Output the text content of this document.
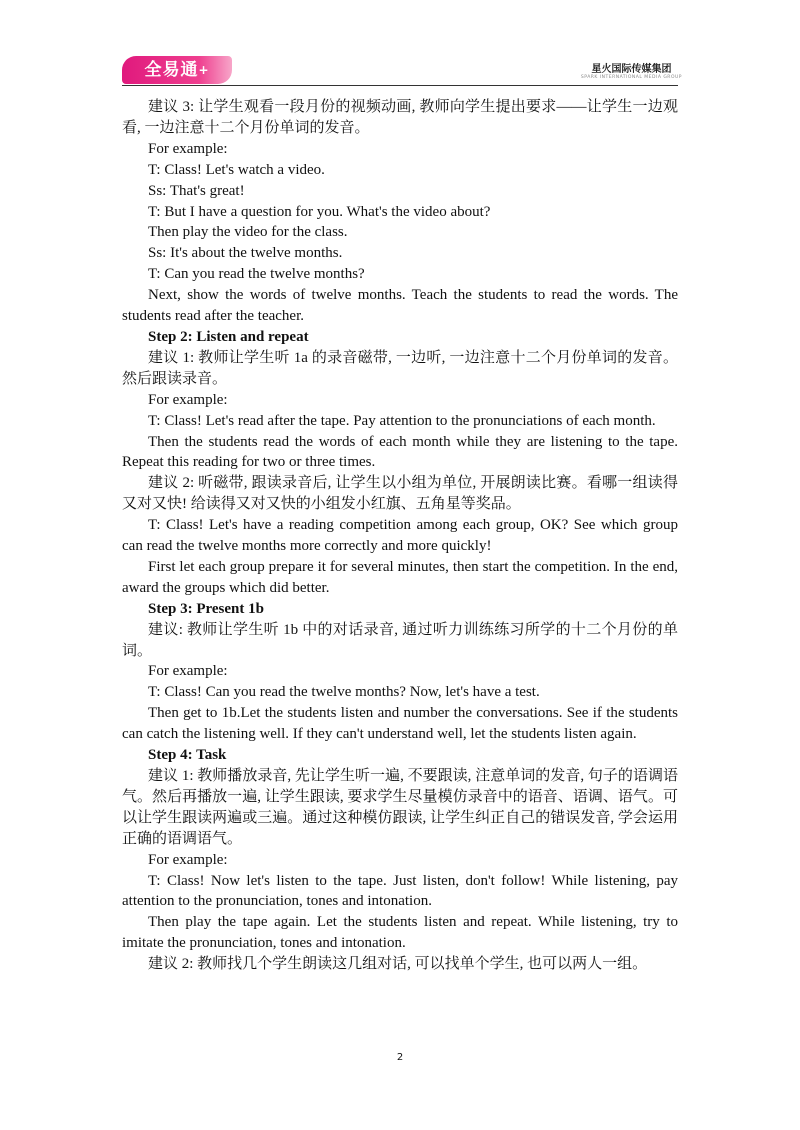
全易通+	星火国际传媒集团
SPARK INTERNATIONAL MEDIA GROUP

建议 3: 让学生观看一段月份的视频动画, 教师向学生提出要求——让学生一边观看, 一边注意十二个月份单词的发音。

For example:

T: Class! Let's watch a video.

Ss: That's great!

T: But I have a question for you. What's the video about?

Then play the video for the class.

Ss: It's about the twelve months.

T: Can you read the twelve months?

Next, show the words of twelve months. Teach the students to read the words. The students read after the teacher.

Step 2: Listen and repeat

建议 1: 教师让学生听 1a 的录音磁带, 一边听, 一边注意十二个月份单词的发音。然后跟读录音。

For example:

T: Class! Let's read after the tape. Pay attention to the pronunciations of each month.

Then the students read the words of each month while they are listening to the tape. Repeat this reading for two or three times.

建议 2: 听磁带, 跟读录音后, 让学生以小组为单位, 开展朗读比赛。看哪一组读得又对又快! 给读得又对又快的小组发小红旗、五角星等奖品。

T: Class! Let's have a reading competition among each group, OK? See which group can read the twelve months more correctly and more quickly!

First let each group prepare it for several minutes, then start the competition. In the end, award the groups which did better.

Step 3: Present 1b

建议: 教师让学生听 1b 中的对话录音, 通过听力训练练习所学的十二个月份的单词。

For example:

T: Class! Can you read the twelve months? Now, let's have a test.

Then get to 1b.Let the students listen and number the conversations. See if the students can catch the listening well. If they can't understand well, let the students listen again.

Step 4: Task

建议 1: 教师播放录音, 先让学生听一遍, 不要跟读, 注意单词的发音, 句子的语调语气。然后再播放一遍, 让学生跟读, 要求学生尽量模仿录音中的语音、语调、语气。可以让学生跟读两遍或三遍。通过这种模仿跟读, 让学生纠正自己的错误发音, 学会运用正确的语调语气。

For example:

T: Class! Now let's listen to the tape. Just listen, don't follow! While listening, pay attention to the pronunciation, tones and intonation.

Then play the tape again. Let the students listen and repeat. While listening, try to imitate the pronunciation, tones and intonation.

建议 2: 教师找几个学生朗读这几组对话, 可以找单个学生, 也可以两人一组。

2
